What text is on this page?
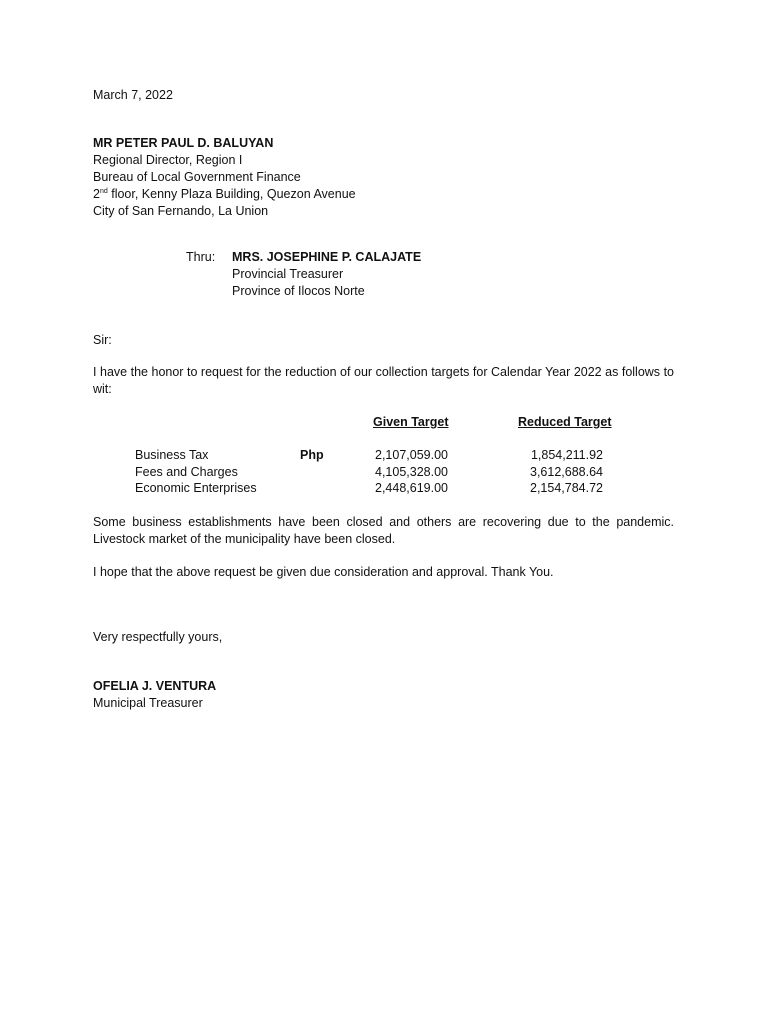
March 7, 2022
MR PETER PAUL D. BALUYAN
Regional Director, Region I
Bureau of Local Government Finance
2nd floor, Kenny Plaza Building, Quezon Avenue
City of San Fernando, La Union
Thru: MRS. JOSEPHINE P. CALAJATE
Provincial Treasurer
Province of Ilocos Norte
Sir:
I have the honor to request for the reduction of our collection targets for Calendar Year 2022 as follows to wit:
Given Target	Reduced Target
Business Tax	Php	2,107,059.00	1,854,211.92
Fees and Charges	4,105,328.00	3,612,688.64
Economic Enterprises	2,448,619.00	2,154,784.72
Some business establishments have been closed and others are recovering due to the pandemic. Livestock market of the municipality have been closed.
I hope that the above request be given due consideration and approval. Thank You.
Very respectfully yours,
OFELIA J. VENTURA
Municipal Treasurer
